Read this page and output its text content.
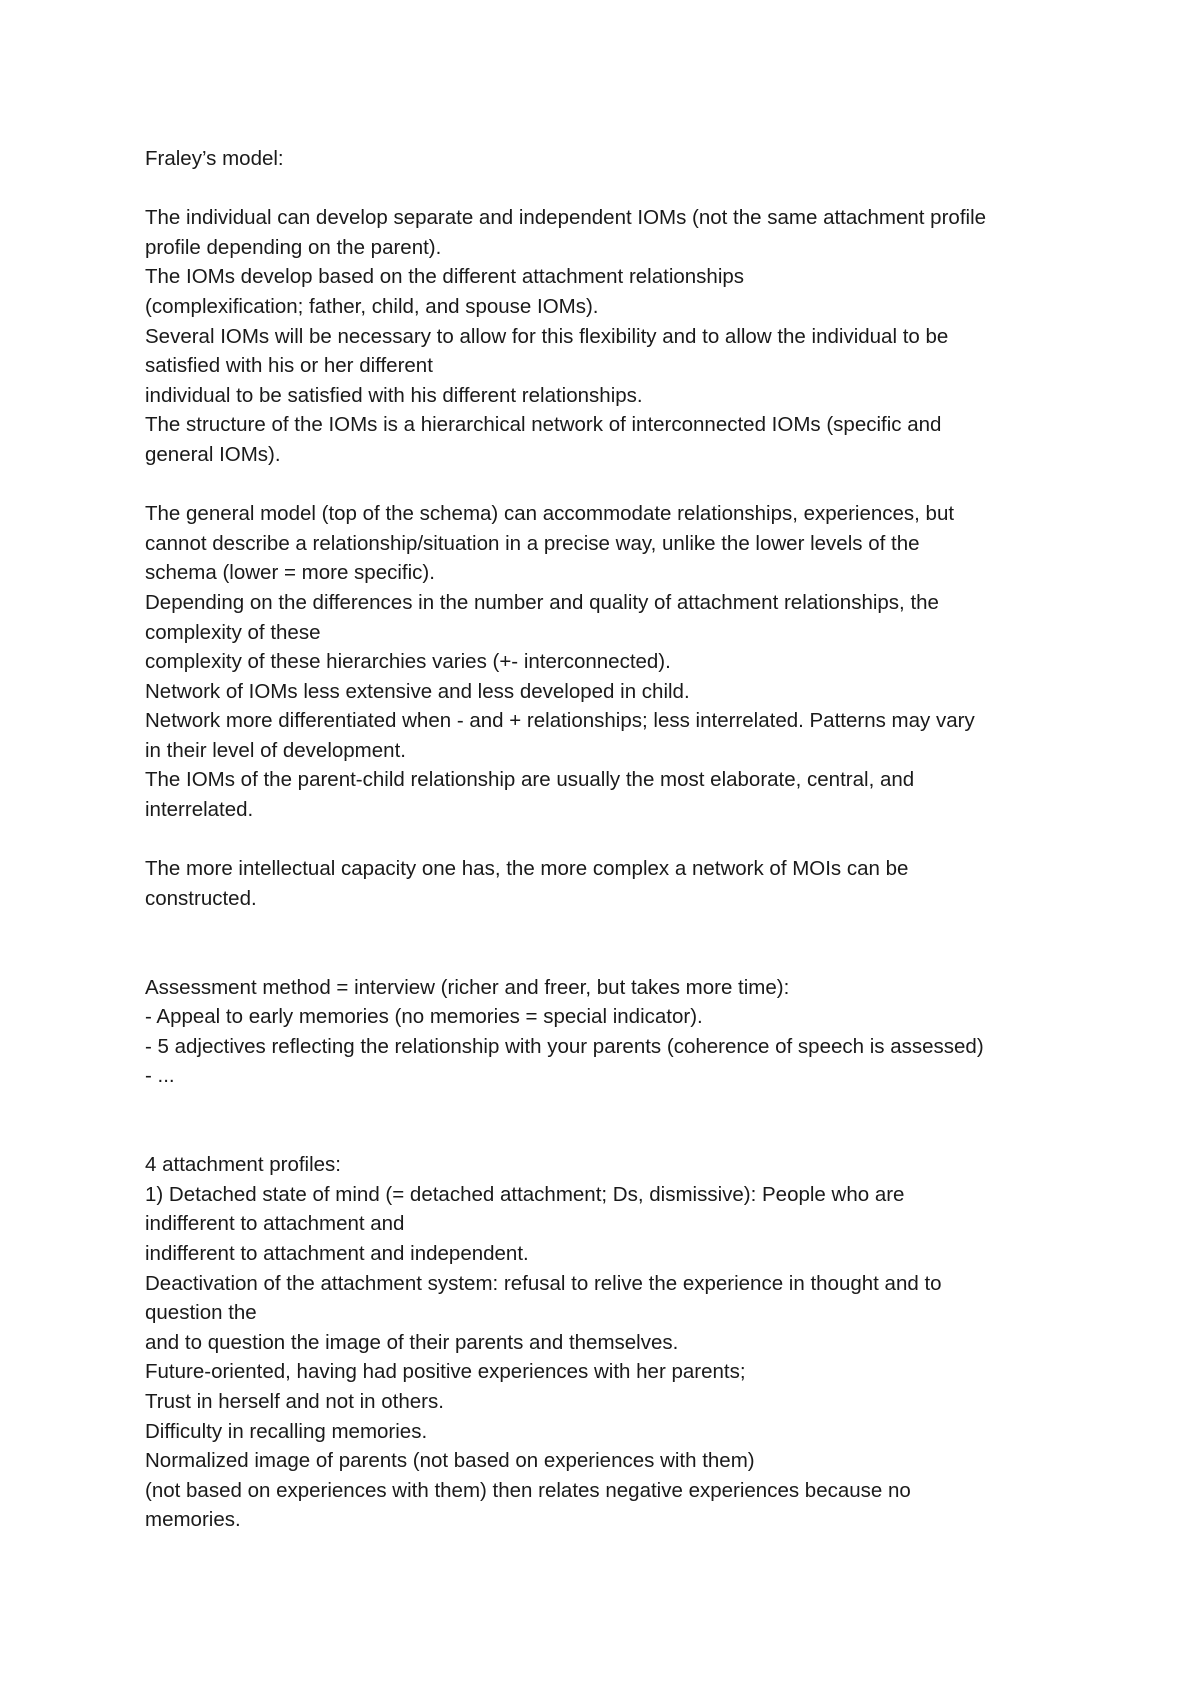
Fraley’s model:

The individual can develop separate and independent IOMs (not the same attachment profile
profile depending on the parent).
The IOMs develop based on the different attachment relationships
(complexification; father, child, and spouse IOMs).
Several IOMs will be necessary to allow for this flexibility and to allow the individual to be
satisfied with his or her different
individual to be satisfied with his different relationships.
The structure of the IOMs is a hierarchical network of interconnected IOMs (specific and
general IOMs).

The general model (top of the schema) can accommodate relationships, experiences, but
cannot describe a relationship/situation in a precise way, unlike the lower levels of the
schema (lower = more specific).
Depending on the differences in the number and quality of attachment relationships, the
complexity of these
complexity of these hierarchies varies (+- interconnected).
Network of IOMs less extensive and less developed in child.
Network more differentiated when - and + relationships; less interrelated. Patterns may vary
in their level of development.
The IOMs of the parent-child relationship are usually the most elaborate, central, and
interrelated.

The more intellectual capacity one has, the more complex a network of MOIs can be
constructed.

Assessment method = interview (richer and freer, but takes more time):
- Appeal to early memories (no memories = special indicator).
- 5 adjectives reflecting the relationship with your parents (coherence of speech is assessed)
- ...

4 attachment profiles:
1) Detached state of mind (= detached attachment; Ds, dismissive): People who are
indifferent to attachment and
indifferent to attachment and independent.
Deactivation of the attachment system: refusal to relive the experience in thought and to
question the
and to question the image of their parents and themselves.
Future-oriented, having had positive experiences with her parents;
Trust in herself and not in others.
Difficulty in recalling memories.
Normalized image of parents (not based on experiences with them)
(not based on experiences with them) then relates negative experiences because no
memories.
